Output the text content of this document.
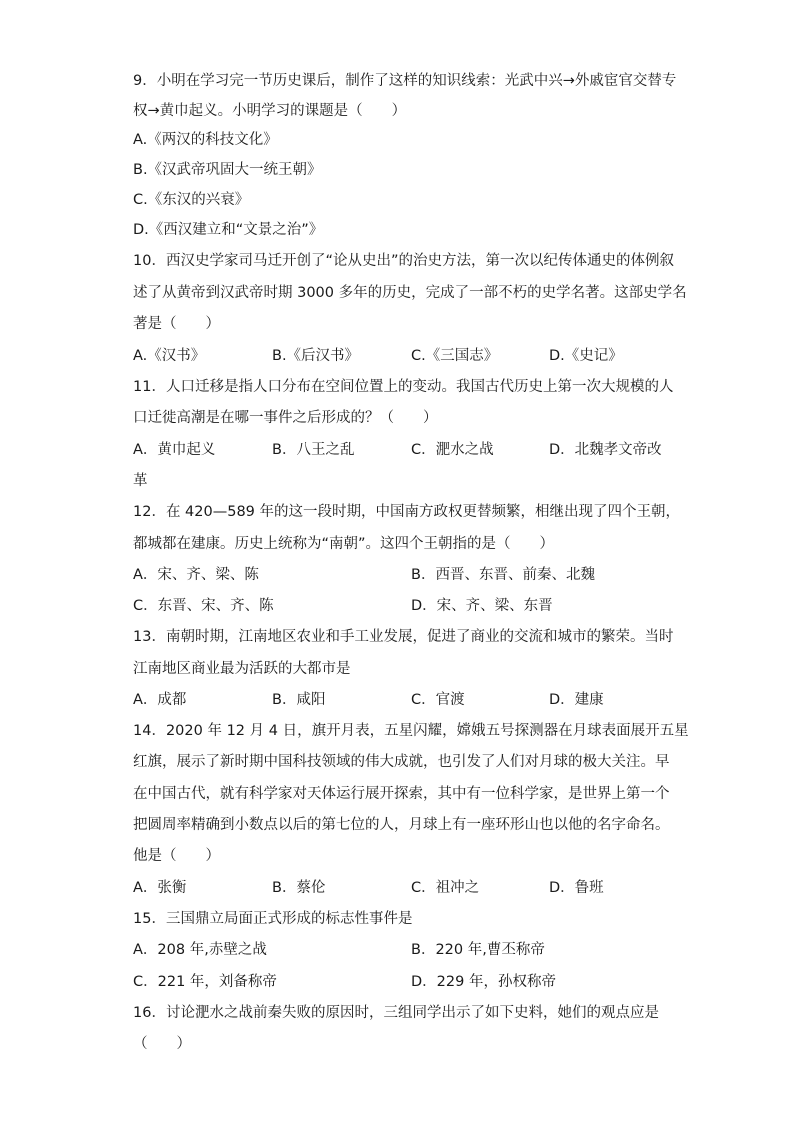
9．小明在学习完一节历史课后，制作了这样的知识线索：光武中兴→外戚宦官交替专
权→黄巾起义。小明学习的课题是（　　）
A.《两汉的科技文化》
B.《汉武帝巩固大一统王朝》
C.《东汉的兴衰》
D.《西汉建立和“文景之治”》
10．西汉史学家司马迁开创了“论从史出”的治史方法，第一次以纪传体通史的体例叙
述了从黄帝到汉武帝时期 3000 多年的历史，完成了一部不朽的史学名著。这部史学名
著是（　　）
A.《汉书》	B.《后汉书》	C.《三国志》	D.《史记》
11．人口迁移是指人口分布在空间位置上的变动。我国古代历史上第一次大规模的人
口迁徙高潮是在哪一事件之后形成的？（　　）
A．黄巾起义	B．八王之乱	C．淝水之战	D．北魏孝文帝改
革
12．在 420—589 年的这一段时期，中国南方政权更替频繁，相继出现了四个王朝，
都城都在建康。历史上统称为“南朝”。这四个王朝指的是（　　）
A．宋、齐、梁、陈	B．西晋、东晋、前秦、北魏
C．东晋、宋、齐、陈	D．宋、齐、梁、东晋
13．南朝时期，江南地区农业和手工业发展，促进了商业的交流和城市的繁荣。当时
江南地区商业最为活跃的大都市是
A．成都	B．咸阳	C．官渡	D．建康
14．2020 年 12 月 4 日，旗开月表，五星闪耀，嫦娥五号探测器在月球表面展开五星
红旗，展示了新时期中国科技领域的伟大成就，也引发了人们对月球的极大关注。早
在中国古代，就有科学家对天体运行展开探索，其中有一位科学家，是世界上第一个
把圆周率精确到小数点以后的第七位的人，月球上有一座环形山也以他的名字命名。
他是（　　）
A．张衡	B．蔡伦	C．祖冲之	D．鲁班
15．三国鼎立局面正式形成的标志性事件是
A．208 年,赤壁之战	B．220 年,曹丕称帝
C．221 年，刘备称帝	D．229 年，孙权称帝
16．讨论淝水之战前秦失败的原因时，三组同学出示了如下史料，她们的观点应是
（　　）
